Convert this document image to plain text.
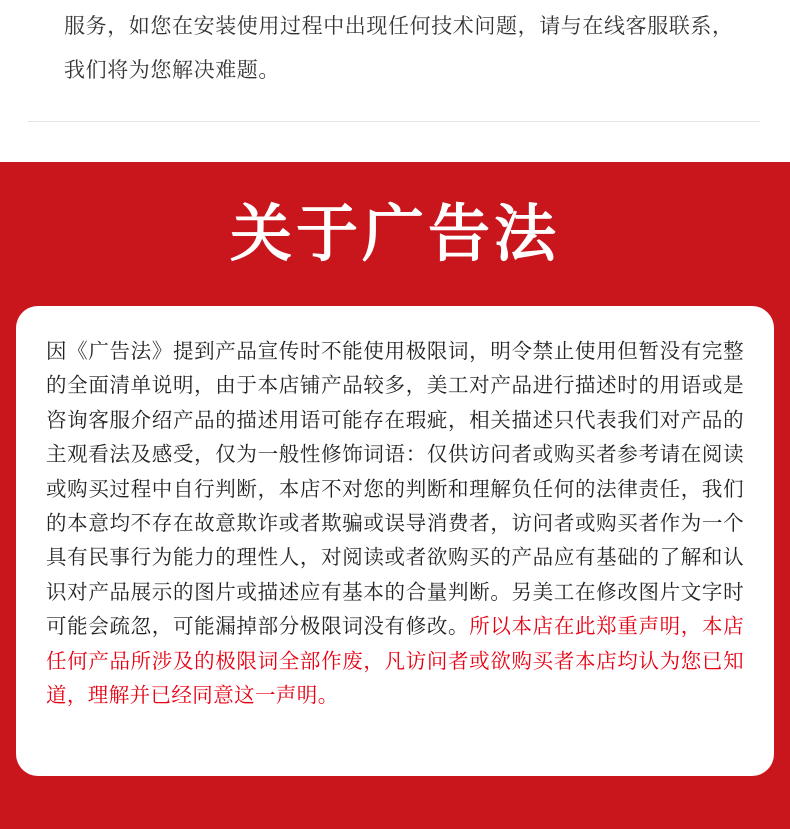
服务，如您在安装使用过程中出现任何技术问题，请与在线客服联系，我们将为您解决难题。

关于广告法

因《广告法》提到产品宣传时不能使用极限词，明令禁止使用但暂没有完整的全面清单说明，由于本店铺产品较多，美工对产品进行描述时的用语或是咨询客服介绍产品的描述用语可能存在瑕疵，相关描述只代表我们对产品的主观看法及感受，仅为一般性修饰词语：仅供访问者或购买者参考请在阅读或购买过程中自行判断，本店不对您的判断和理解负任何的法律责任，我们的本意均不存在故意欺诈或者欺骗或误导消费者，访问者或购买者作为一个具有民事行为能力的理性人，对阅读或者欲购买的产品应有基础的了解和认识对产品展示的图片或描述应有基本的合量判断。另美工在修改图片文字时可能会疏忽，可能漏掉部分极限词没有修改。所以本店在此郑重声明，本店任何产品所涉及的极限词全部作废，凡访问者或欲购买者本店均认为您已知道，理解并已经同意这一声明。
